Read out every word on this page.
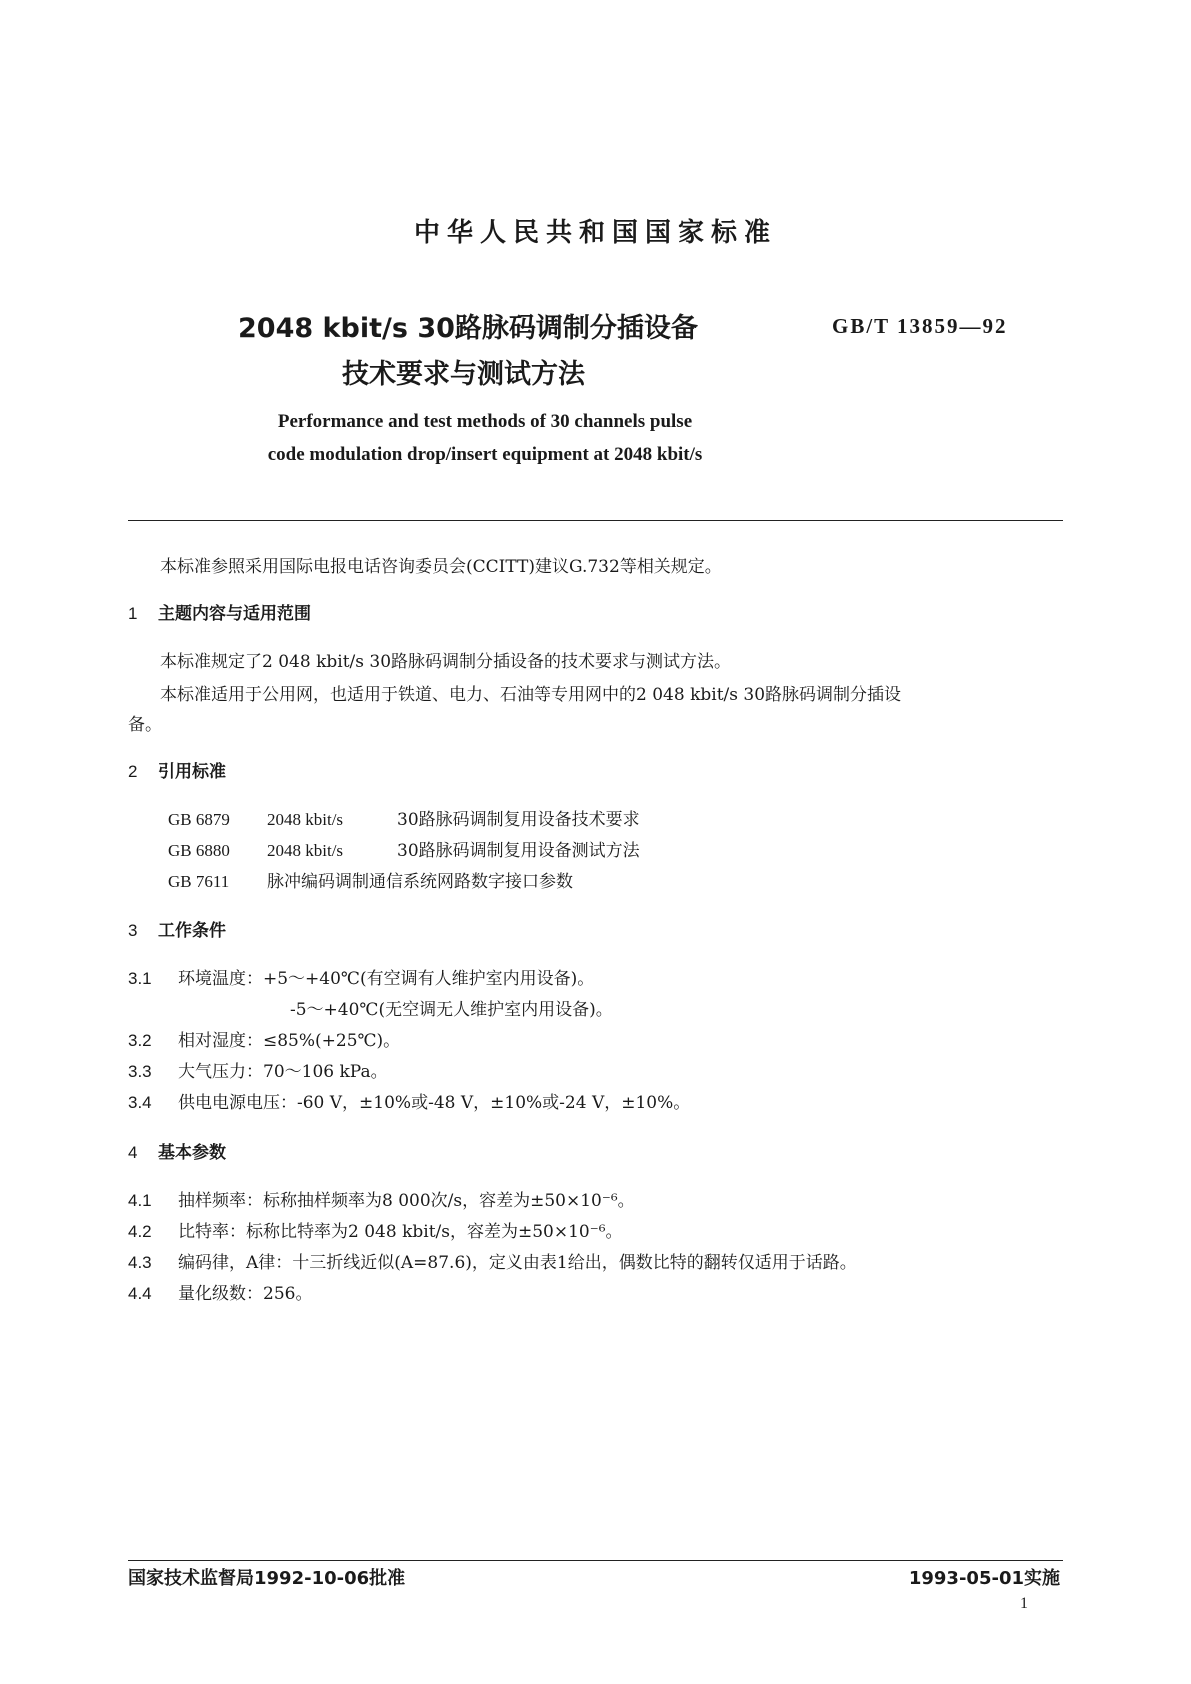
中华人民共和国国家标准
2048 kbit/s 30路脉码调制分插设备
技术要求与测试方法
GB/T 13859—92
Performance and test methods of 30 channels pulse
code modulation drop/insert equipment at 2048 kbit/s
本标准参照采用国际电报电话咨询委员会(CCITT)建议G.732等相关规定。
1 主题内容与适用范围
本标准规定了2 048 kbit/s 30路脉码调制分插设备的技术要求与测试方法。
本标准适用于公用网，也适用于铁道、电力、石油等专用网中的2 048 kbit/s 30路脉码调制分插设
备。
2 引用标准
GB 6879 2048 kbit/s	30路脉码调制复用设备技术要求
GB 6880 2048 kbit/s	30路脉码调制复用设备测试方法
GB 7611 脉冲编码调制通信系统网路数字接口参数
3 工作条件
3.1 环境温度：+5～+40℃(有空调有人维护室内用设备)。
-5～+40℃(无空调无人维护室内用设备)。
3.2 相对湿度：≤85%(+25℃)。
3.3 大气压力：70～106 kPa。
3.4 供电电源电压：-60 V，±10%或-48 V，±10%或-24 V，±10%。
4 基本参数
4.1 抽样频率：标称抽样频率为8 000次/s，容差为±50×10⁻⁶。
4.2 比特率：标称比特率为2 048 kbit/s，容差为±50×10⁻⁶。
4.3 编码律，A律：十三折线近似(A=87.6)，定义由表1给出，偶数比特的翻转仅适用于话路。
4.4 量化级数：256。
国家技术监督局1992-10-06批准	1993-05-01实施
1
